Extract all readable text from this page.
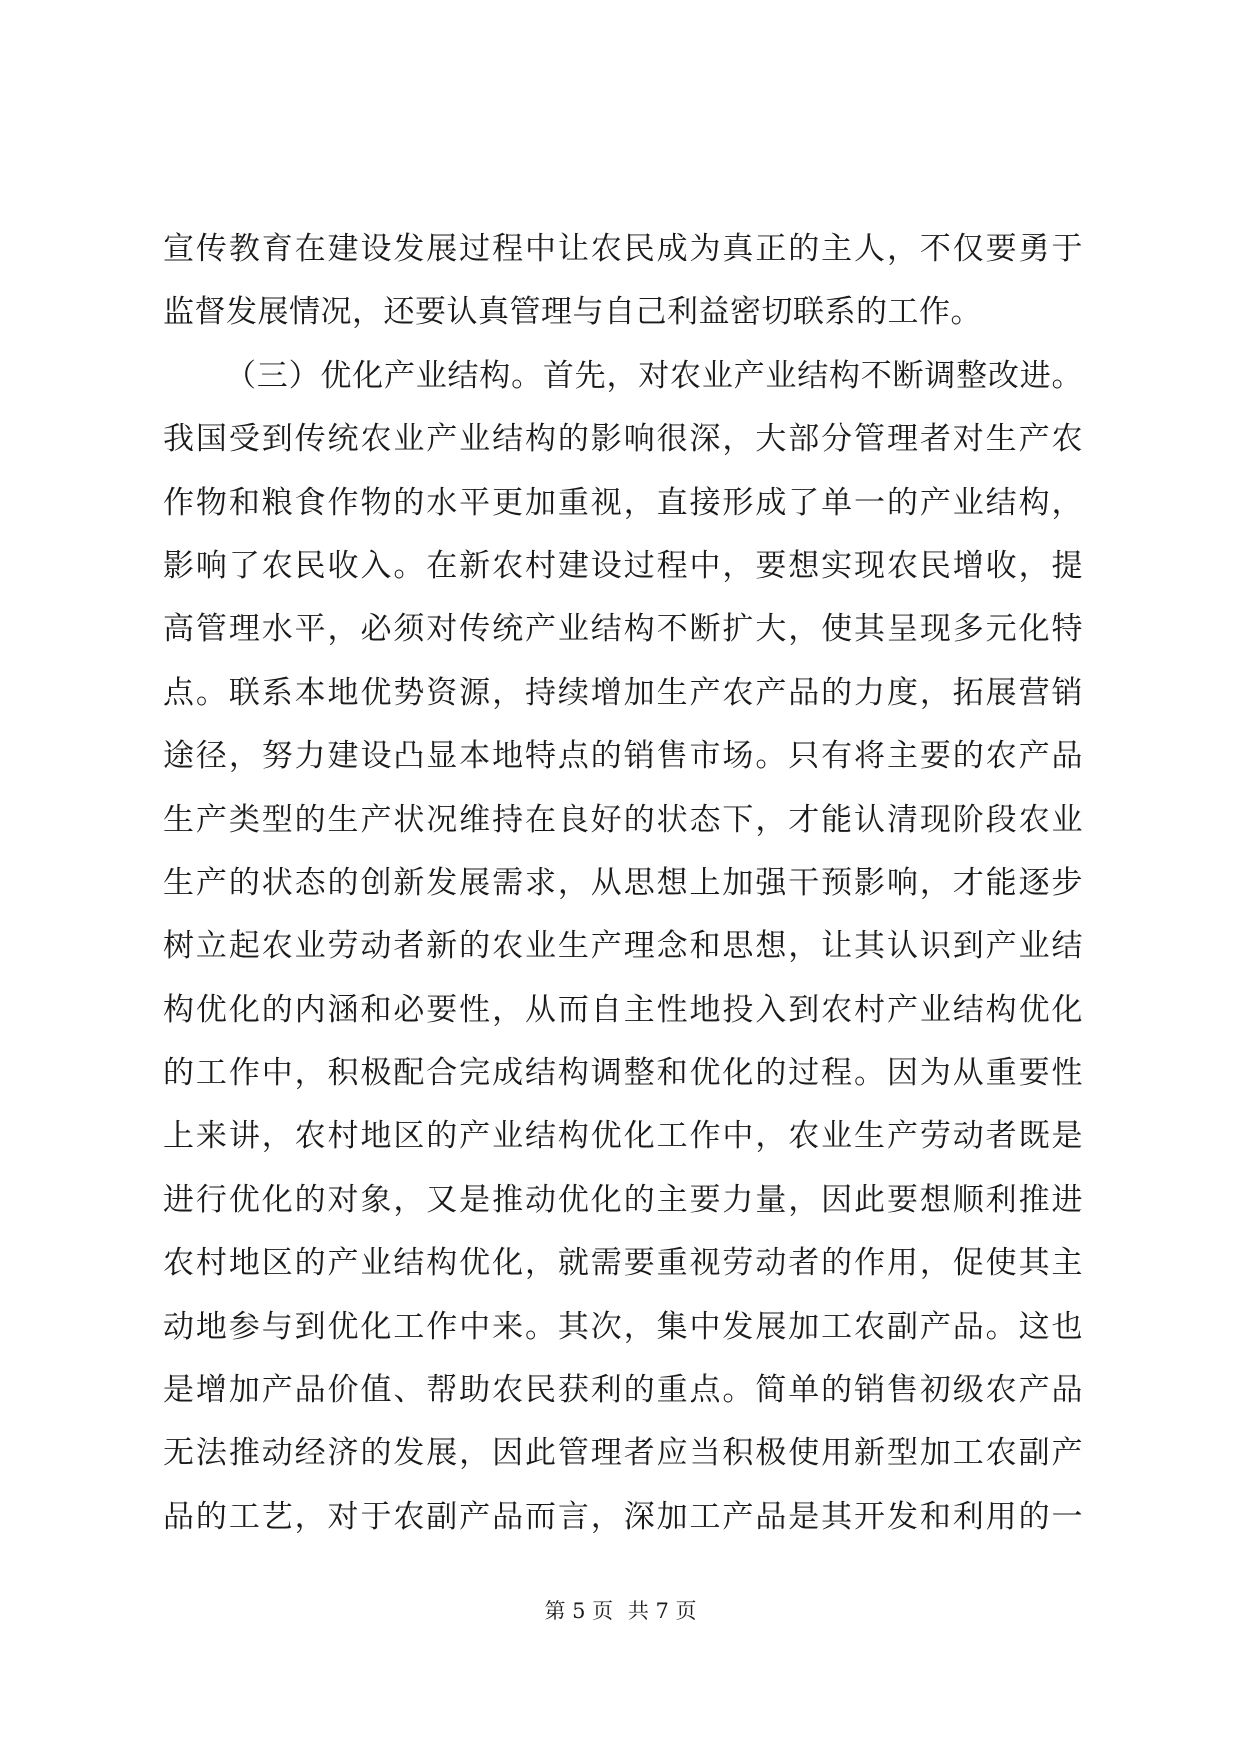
宣传教育在建设发展过程中让农民成为真正的主人，不仅要勇于
监督发展情况，还要认真管理与自己利益密切联系的工作。
（三）优化产业结构。首先，对农业产业结构不断调整改进。
我国受到传统农业产业结构的影响很深，大部分管理者对生产农
作物和粮食作物的水平更加重视，直接形成了单一的产业结构，
影响了农民收入。在新农村建设过程中，要想实现农民增收，提
高管理水平，必须对传统产业结构不断扩大，使其呈现多元化特
点。联系本地优势资源，持续增加生产农产品的力度，拓展营销
途径，努力建设凸显本地特点的销售市场。只有将主要的农产品
生产类型的生产状况维持在良好的状态下，才能认清现阶段农业
生产的状态的创新发展需求，从思想上加强干预影响，才能逐步
树立起农业劳动者新的农业生产理念和思想，让其认识到产业结
构优化的内涵和必要性，从而自主性地投入到农村产业结构优化
的工作中，积极配合完成结构调整和优化的过程。因为从重要性
上来讲，农村地区的产业结构优化工作中，农业生产劳动者既是
进行优化的对象，又是推动优化的主要力量，因此要想顺利推进
农村地区的产业结构优化，就需要重视劳动者的作用，促使其主
动地参与到优化工作中来。其次，集中发展加工农副产品。这也
是增加产品价值、帮助农民获利的重点。简单的销售初级农产品
无法推动经济的发展，因此管理者应当积极使用新型加工农副产
品的工艺，对于农副产品而言，深加工产品是其开发和利用的一
第 5 页 共 7 页
